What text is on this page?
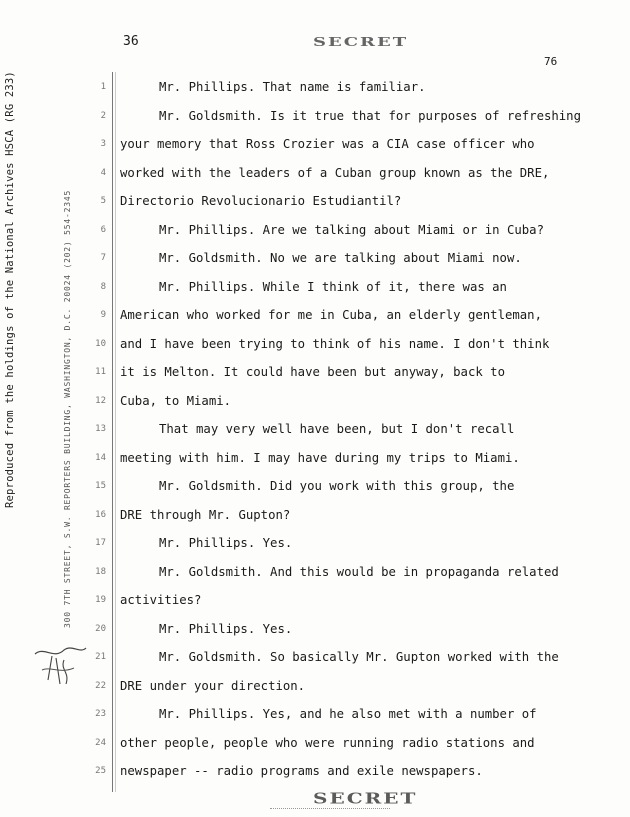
36	SECRET
76
Reproduced from the holdings of the National Archives HSCA (RG 233)	300 7TH STREET, S.W. REPORTERS BUILDING, WASHINGTON, D.C. 20024 (202) 554-2345
1
2
3
4
5
6
7
8
9
10
11
12
13
14
15
16
17
18
19
20
21
22
23
24
25
Mr. Phillips. That name is familiar.
Mr. Goldsmith. Is it true that for purposes of refreshing
your memory that Ross Crozier was a CIA case officer who
worked with the leaders of a Cuban group known as the DRE,
Directorio Revolucionario Estudiantil?
Mr. Phillips. Are we talking about Miami or in Cuba?
Mr. Goldsmith. No we are talking about Miami now.
Mr. Phillips. While I think of it, there was an
American who worked for me in Cuba, an elderly gentleman,
and I have been trying to think of his name. I don't think
it is Melton. It could have been but anyway, back to
Cuba, to Miami.
That may very well have been, but I don't recall
meeting with him. I may have during my trips to Miami.
Mr. Goldsmith. Did you work with this group, the
DRE through Mr. Gupton?
Mr. Phillips. Yes.
Mr. Goldsmith. And this would be in propaganda related
activities?
Mr. Phillips. Yes.
Mr. Goldsmith. So basically Mr. Gupton worked with the
DRE under your direction.
Mr. Phillips. Yes, and he also met with a number of
other people, people who were running radio stations and
newspaper -- radio programs and exile newspapers.
SECRET
